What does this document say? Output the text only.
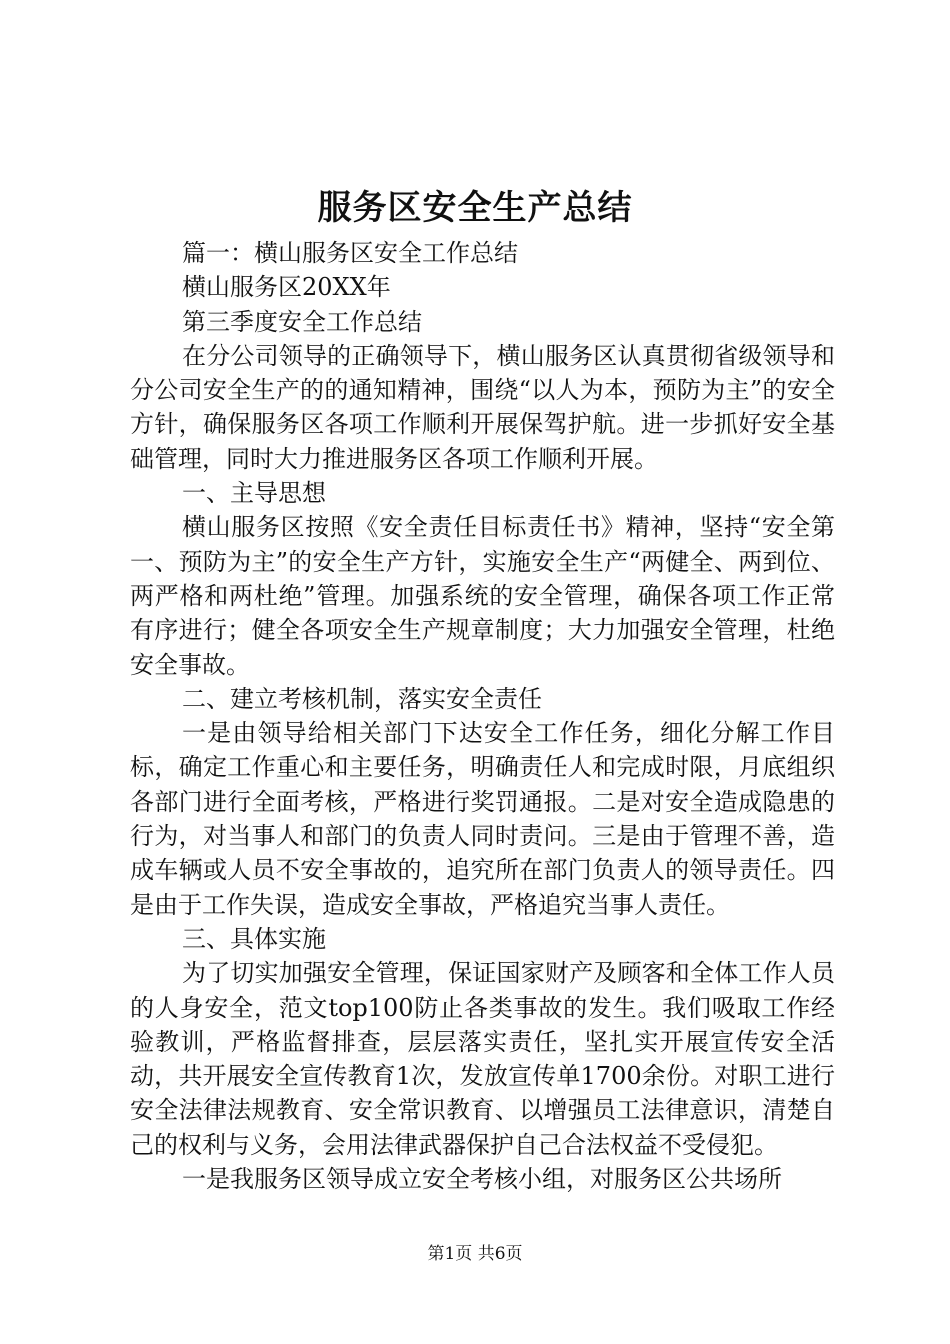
服务区安全生产总结

篇一：横山服务区安全工作总结

横山服务区20XX年

第三季度安全工作总结

在分公司领导的正确领导下，横山服务区认真贯彻省级领导和分公司安全生产的的通知精神，围绕“以人为本，预防为主”的安全方针，确保服务区各项工作顺利开展保驾护航。进一步抓好安全基础管理，同时大力推进服务区各项工作顺利开展。

一、主导思想

横山服务区按照《安全责任目标责任书》精神，坚持“安全第一、预防为主”的安全生产方针，实施安全生产“两健全、两到位、两严格和两杜绝”管理。加强系统的安全管理，确保各项工作正常有序进行；健全各项安全生产规章制度；大力加强安全管理，杜绝安全事故。

二、建立考核机制，落实安全责任

一是由领导给相关部门下达安全工作任务，细化分解工作目标，确定工作重心和主要任务，明确责任人和完成时限，月底组织各部门进行全面考核，严格进行奖罚通报。二是对安全造成隐患的行为，对当事人和部门的负责人同时责问。三是由于管理不善，造成车辆或人员不安全事故的，追究所在部门负责人的领导责任。四是由于工作失误，造成安全事故，严格追究当事人责任。

三、具体实施

为了切实加强安全管理，保证国家财产及顾客和全体工作人员的人身安全，范文top100防止各类事故的发生。我们吸取工作经验教训，严格监督排查，层层落实责任，坚扎实开展宣传安全活动，共开展安全宣传教育1次，发放宣传单1700余份。对职工进行安全法律法规教育、安全常识教育、以增强员工法律意识，清楚自己的权利与义务，会用法律武器保护自己合法权益不受侵犯。

一是我服务区领导成立安全考核小组，对服务区公共场所

第1页 共6页
